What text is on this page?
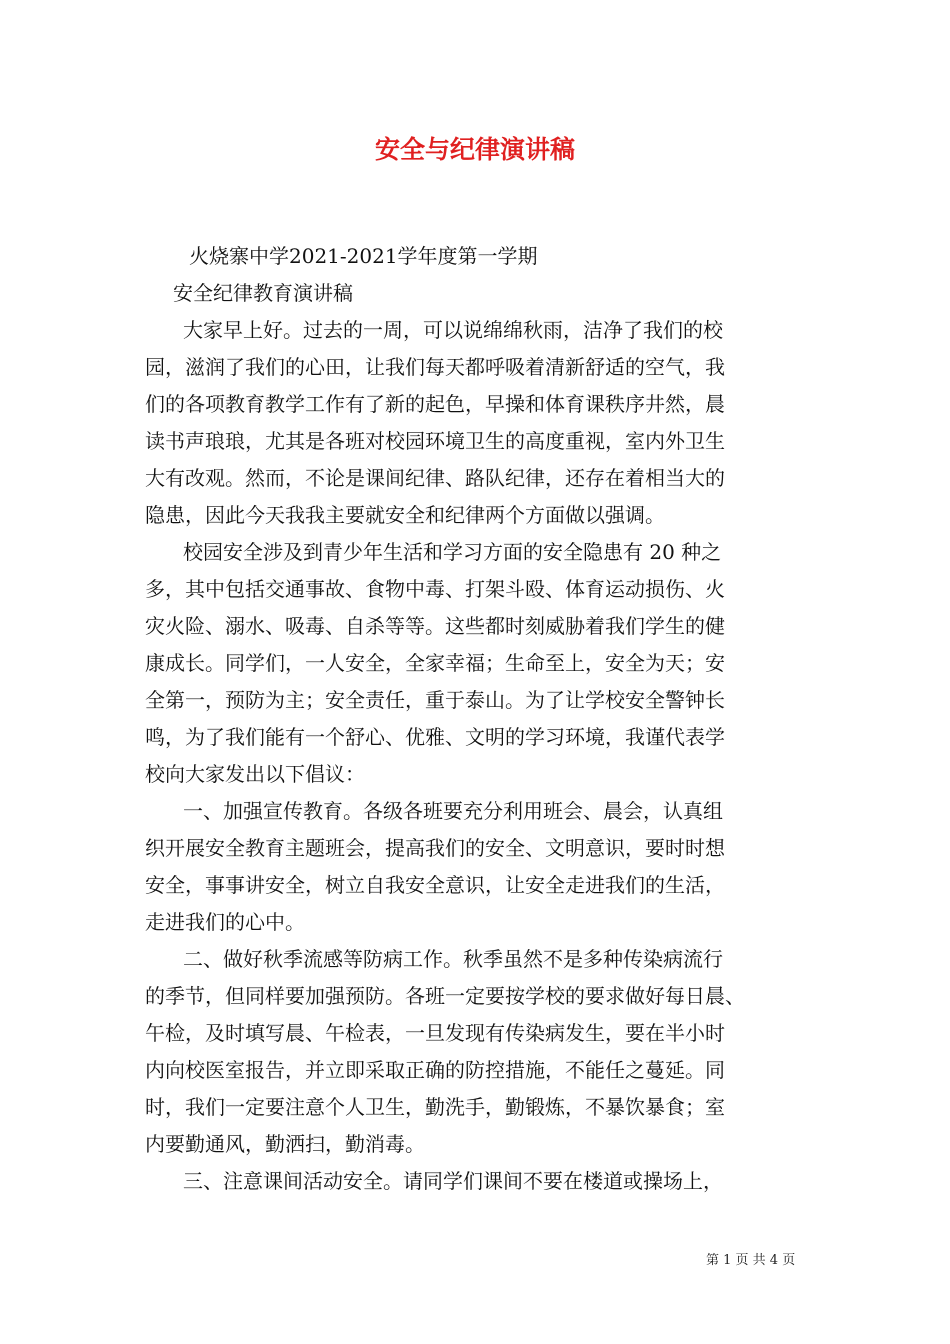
安全与纪律演讲稿
火烧寨中学2021-2021学年度第一学期
安全纪律教育演讲稿
大家早上好。过去的一周，可以说绵绵秋雨，洁净了我们的校
园，滋润了我们的心田，让我们每天都呼吸着清新舒适的空气，我
们的各项教育教学工作有了新的起色，早操和体育课秩序井然，晨
读书声琅琅，尤其是各班对校园环境卫生的高度重视，室内外卫生
大有改观。然而，不论是课间纪律、路队纪律，还存在着相当大的
隐患，因此今天我我主要就安全和纪律两个方面做以强调。
校园安全涉及到青少年生活和学习方面的安全隐患有 20 种之
多，其中包括交通事故、食物中毒、打架斗殴、体育运动损伤、火
灾火险、溺水、吸毒、自杀等等。这些都时刻威胁着我们学生的健
康成长。同学们，一人安全，全家幸福；生命至上，安全为天；安
全第一，预防为主；安全责任，重于泰山。为了让学校安全警钟长
鸣，为了我们能有一个舒心、优雅、文明的学习环境，我谨代表学
校向大家发出以下倡议：
一、加强宣传教育。各级各班要充分利用班会、晨会，认真组
织开展安全教育主题班会，提高我们的安全、文明意识，要时时想
安全，事事讲安全，树立自我安全意识，让安全走进我们的生活，
走进我们的心中。
二、做好秋季流感等防病工作。秋季虽然不是多种传染病流行
的季节，但同样要加强预防。各班一定要按学校的要求做好每日晨、
午检，及时填写晨、午检表，一旦发现有传染病发生，要在半小时
内向校医室报告，并立即采取正确的防控措施，不能任之蔓延。同
时，我们一定要注意个人卫生，勤洗手，勤锻炼，不暴饮暴食；室
内要勤通风，勤洒扫，勤消毒。
三、注意课间活动安全。请同学们课间不要在楼道或操场上，
第 1 页 共 4 页
